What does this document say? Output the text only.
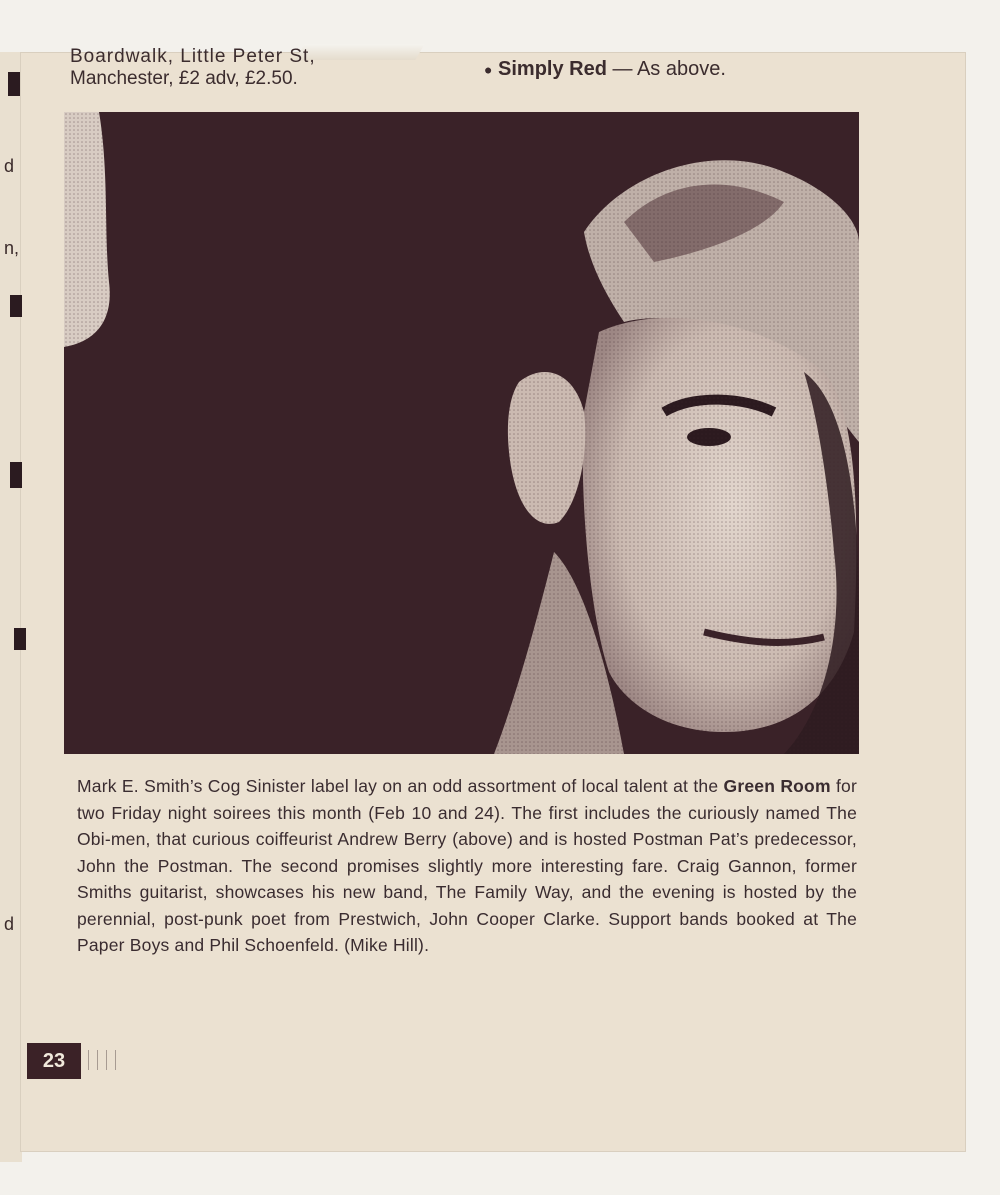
d
n,
d
Boardwalk, Little Peter St,
Manchester, £2 adv, £2.50.	● Simply Red — As above.
Mark E. Smith’s Cog Sinister label lay on an odd assortment of local talent at the Green Room for two Friday night soirees this month (Feb 10 and 24). The first includes the curiously named The Obi-men, that curious coiffeurist Andrew Berry (above) and is hosted Postman Pat’s predecessor, John the Postman. The second promises slightly more interesting fare. Craig Gannon, former Smiths guitarist, showcases his new band, The Family Way, and the evening is hosted by the perennial, post-punk poet from Prestwich, John Cooper Clarke. Support bands booked at The Paper Boys and Phil Schoenfeld. (Mike Hill).
23
